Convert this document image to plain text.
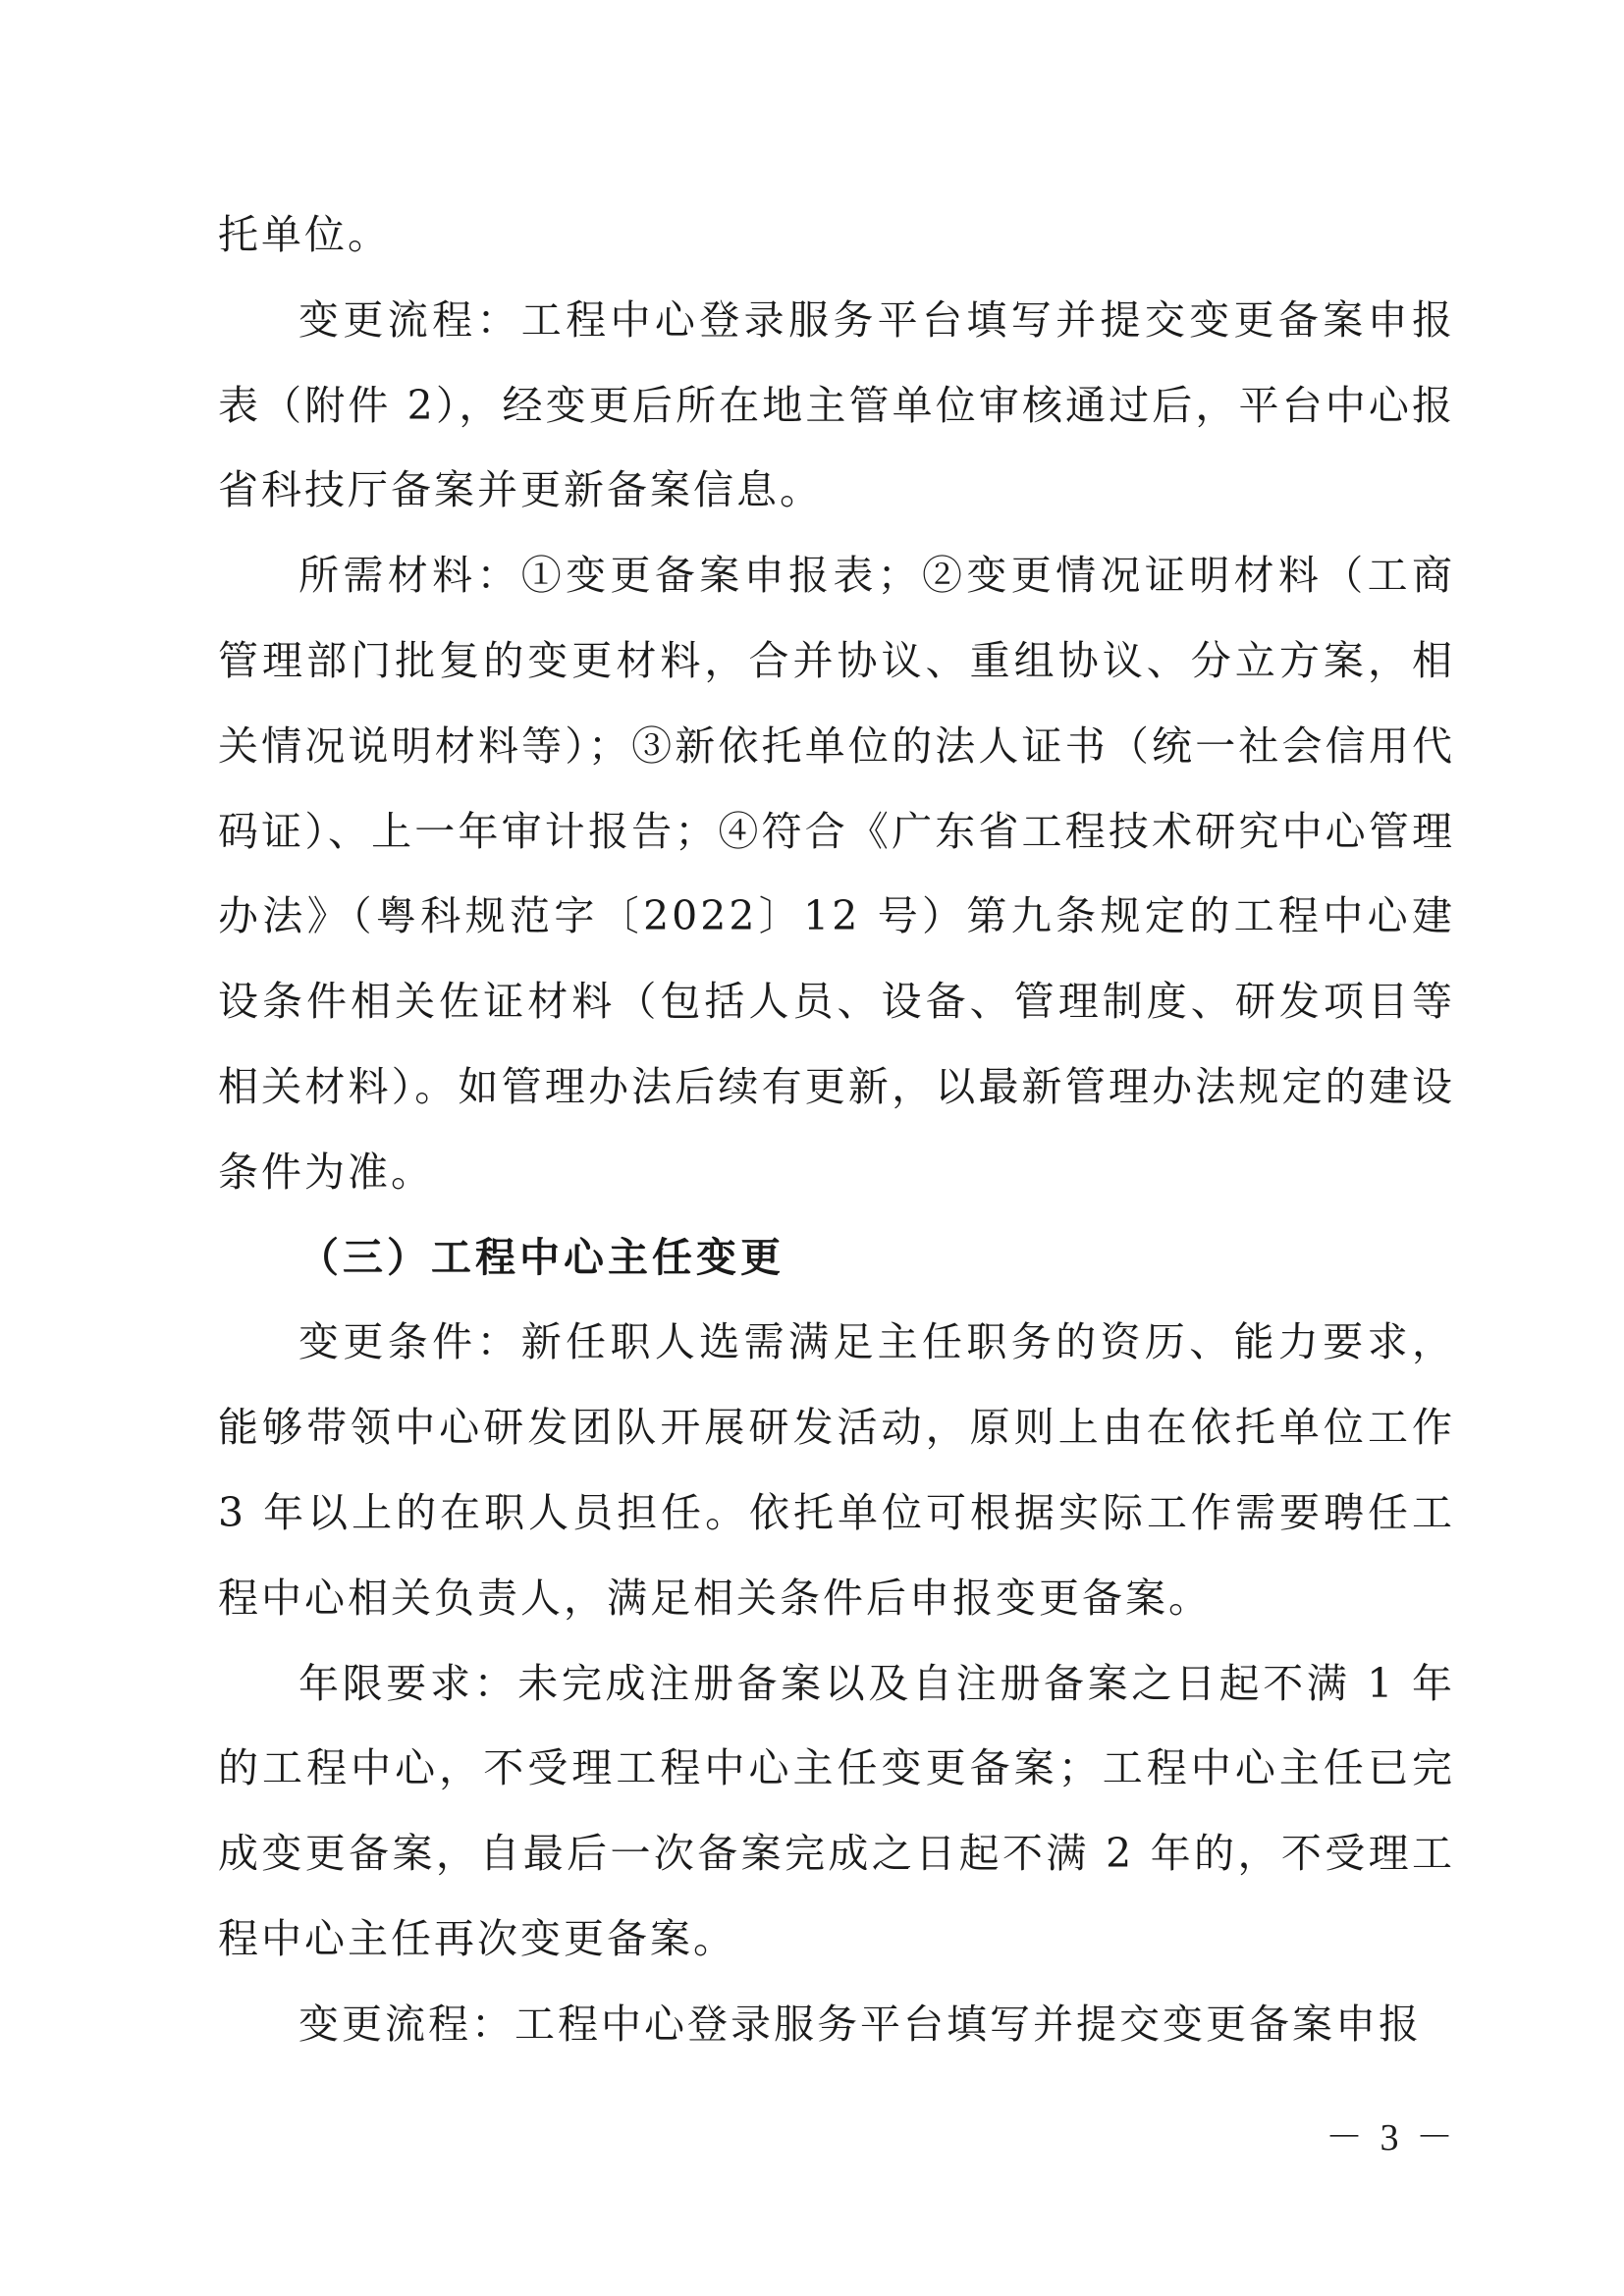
托单位。

变更流程：工程中心登录服务平台填写并提交变更备案申报表（附件 2），经变更后所在地主管单位审核通过后，平台中心报省科技厅备案并更新备案信息。

所需材料：①变更备案申报表；②变更情况证明材料（工商管理部门批复的变更材料，合并协议、重组协议、分立方案，相关情况说明材料等）；③新依托单位的法人证书（统一社会信用代码证）、上一年审计报告；④符合《广东省工程技术研究中心管理办法》（粤科规范字〔2022〕12 号）第九条规定的工程中心建设条件相关佐证材料（包括人员、设备、管理制度、研发项目等相关材料）。如管理办法后续有更新，以最新管理办法规定的建设条件为准。

（三）工程中心主任变更

变更条件：新任职人选需满足主任职务的资历、能力要求，能够带领中心研发团队开展研发活动，原则上由在依托单位工作 3 年以上的在职人员担任。依托单位可根据实际工作需要聘任工程中心相关负责人，满足相关条件后申报变更备案。

年限要求：未完成注册备案以及自注册备案之日起不满 1 年的工程中心，不受理工程中心主任变更备案；工程中心主任已完成变更备案，自最后一次备案完成之日起不满 2 年的，不受理工程中心主任再次变更备案。

变更流程：工程中心登录服务平台填写并提交变更备案申报

－ 3 －
